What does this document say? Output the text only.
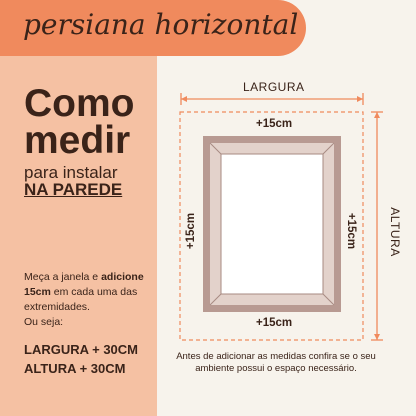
persiana horizontal
Como
medir
para instalar
NA PAREDE
Meça a janela e adicione 15cm em cada uma das extremidades.
Ou seja:
LARGURA + 30CM
ALTURA + 30CM
LARGURA
ALTURA
+15cm
+15cm
+15cm	+15cm
Antes de adicionar as medidas confira se o seu ambiente possui o espaço necessário.
